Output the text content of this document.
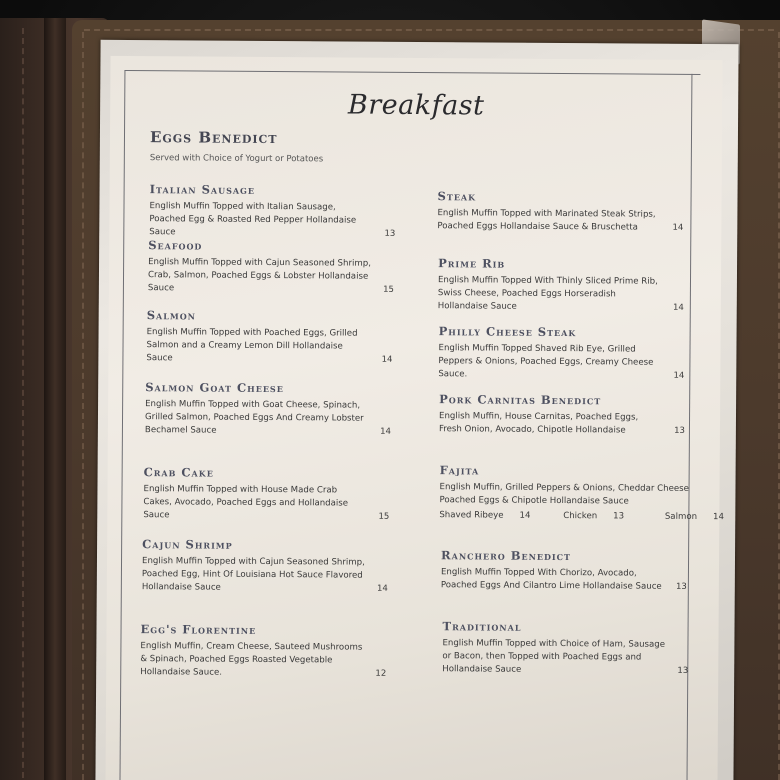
Breakfast
Eggs Benedict
Served with Choice of Yogurt or Potatoes
Italian Sausage
English Muffin Topped with Italian Sausage, Poached Egg & Roasted Red Pepper Hollandaise Sauce	13
Seafood
English Muffin Topped with Cajun Seasoned Shrimp, Crab, Salmon, Poached Eggs & Lobster Hollandaise Sauce	15
Salmon
English Muffin Topped with Poached Eggs, Grilled Salmon and a Creamy Lemon Dill Hollandaise Sauce	14
Salmon Goat Cheese
English Muffin Topped with Goat Cheese, Spinach, Grilled Salmon, Poached Eggs And Creamy Lobster Bechamel Sauce	14
Crab Cake
English Muffin Topped with House Made Crab Cakes, Avocado, Poached Eggs and Hollandaise Sauce	15
Cajun Shrimp
English Muffin Topped with Cajun Seasoned Shrimp, Poached Egg, Hint Of Louisiana Hot Sauce Flavored Hollandaise Sauce	14
Egg's Florentine
English Muffin, Cream Cheese, Sauteed Mushrooms & Spinach, Poached Eggs Roasted Vegetable Hollandaise Sauce.	12
Steak
English Muffin Topped with Marinated Steak Strips, Poached Eggs Hollandaise Sauce & Bruschetta	14
Prime Rib
English Muffin Topped With Thinly Sliced Prime Rib, Swiss Cheese, Poached Eggs Horseradish Hollandaise Sauce	14
Philly Cheese Steak
English Muffin Topped Shaved Rib Eye, Grilled Peppers & Onions, Poached Eggs, Creamy Cheese Sauce.	14
Pork Carnitas Benedict
English Muffin, House Carnitas, Poached Eggs, Fresh Onion, Avocado, Chipotle Hollandaise	13
Fajita
English Muffin, Grilled Peppers & Onions, Cheddar Cheese Poached Eggs & Chipotle Hollandaise Sauce
Shaved Ribeye 14	Chicken 13	Salmon 14
Ranchero Benedict
English Muffin Topped With Chorizo, Avocado, Poached Eggs And Cilantro Lime Hollandaise Sauce 13
Traditional
English Muffin Topped with Choice of Ham, Sausage or Bacon, then Topped with Poached Eggs and Hollandaise Sauce	13
